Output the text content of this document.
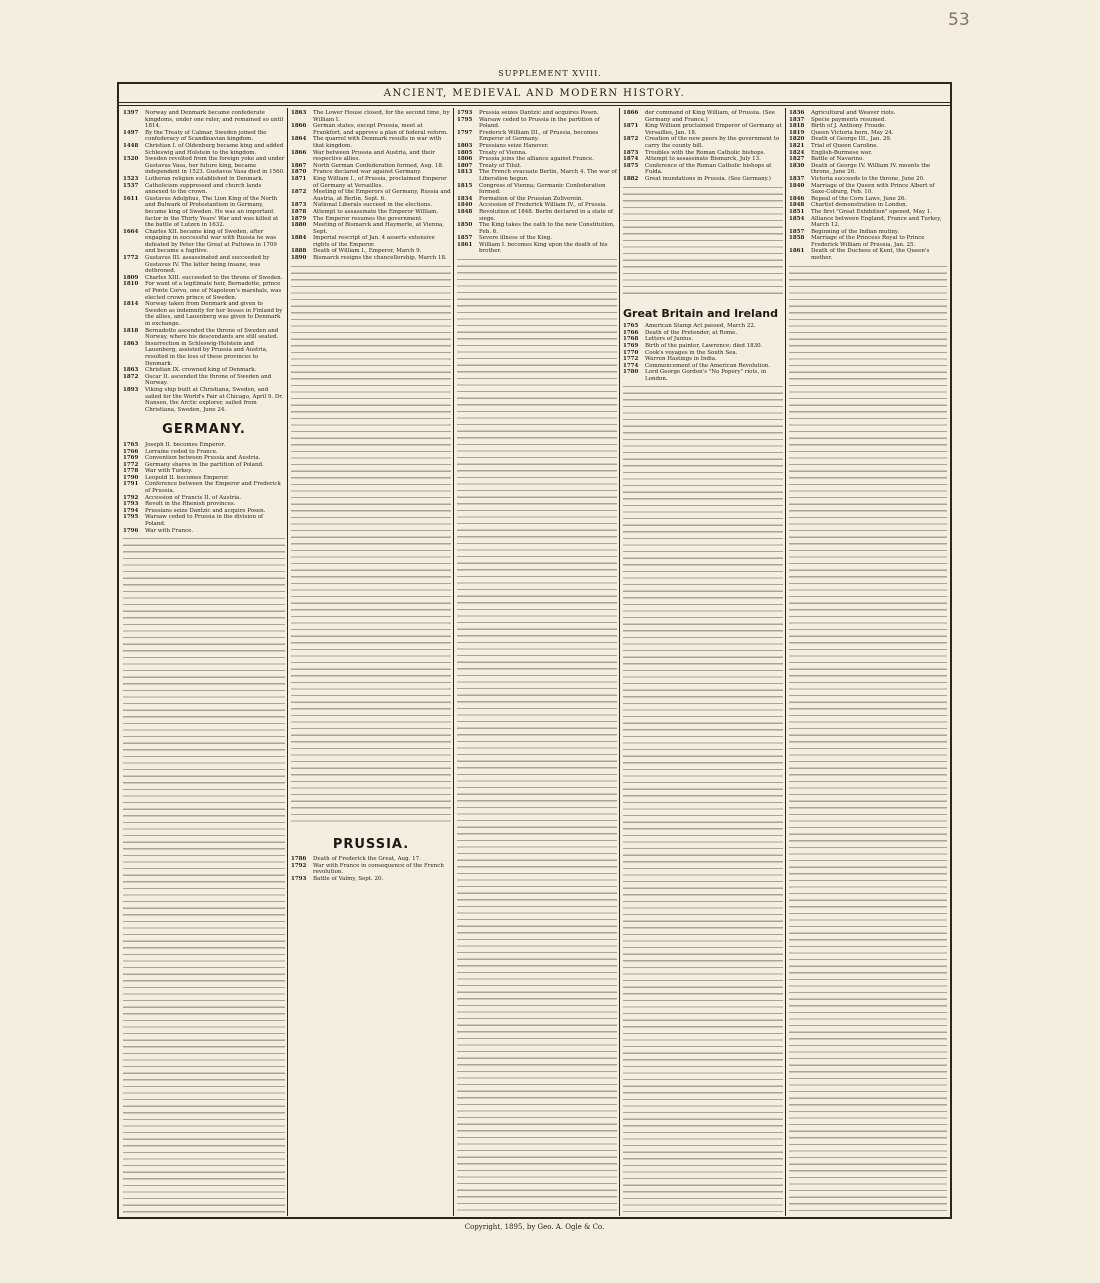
53
SUPPLEMENT XVIII.
ANCIENT, MEDIEVAL AND MODERN HISTORY.

1397 Norway and Denmark became confederate kingdoms, under one ruler, and remained so until 1814.

1497 By the Treaty of Calmar, Sweden joined the confederacy of Scandinavian kingdom.

1448 Christian I. of Oldenburg became king and added Schleswig and Holstein to the kingdom.

1520 Sweden revolted from the foreign yoke and under Gustavus Vasa, her future king, became independent in 1523. Gustavus Vasa died in 1560.

1523 Lutheran religion established in Denmark.

1537 Catholicism suppressed and church lands annexed to the crown.

1611 Gustavus Adolphus, The Lion King of the North and Bulwark of Protestantism in Germany, became king of Sweden. He was an important factor in the Thirty Years' War and was killed at the battle of Lutzen in 1632.

1664 Charles XII. became king of Sweden, after engaging in successful war with Russia he was defeated by Peter the Great at Pultowa in 1709 and became a fugitive.

1772 Gustavus III. assassinated and succeeded by Gustavus IV. The latter being insane, was dethroned.

1809 Charles XIII. succeeded to the throne of Sweden.

1810 For want of a legitimate heir, Bernadotte, prince of Ponte Corvo, one of Napoleon's marshals, was elected crown prince of Sweden.

1814 Norway taken from Denmark and given to Sweden as indemnity for her losses in Finland by the allies, and Lauenberg was given to Denmark in exchange.

1818 Bernadotte ascended the throne of Sweden and Norway, where his descendants are still seated.

1863 Insurrection in Schleswig-Holstein and Lauenberg, assisted by Prussia and Austria, resulted in the loss of these provinces to Denmark.

1863 Christian IX. crowned king of Denmark.

1872 Oscar II. ascended the throne of Sweden and Norway.

1893 Viking ship built at Christiana, Sweden, and sailed for the World's Fair at Chicago, April 9. Dr. Nansen, the Arctic explorer, sailed from Christiana, Sweden, June 24.

GERMANY.

1765 Joseph II. becomes Emperor.

1766 Lorraine ceded to France.

1769 Convention between Prussia and Austria.

1772 Germany shares in the partition of Poland.

1778 War with Turkey.

1790 Leopold II. becomes Emperor.

1791 Conference between the Emperor and Frederick of Prussia.

1792 Accession of Francis II. of Austria.

1793 Revolt in the Rhenish provinces.

1794 Prussians seize Dantzic and acquire Posen.

1795 Warsaw ceded to Prussia in the division of Poland.

1796 War with France.

1863 The Lower House closed, for the second time, by William I.

1866 German states, except Prussia, meet at Frankfort, and approve a plan of federal reform.

1864 The quarrel with Denmark results in war with that kingdom.

1866 War between Prussia and Austria, and their respective allies.

1867 North German Confederation formed, Aug. 18.

1870 France declared war against Germany.

1871 King William I., of Prussia, proclaimed Emperor of Germany at Versailles.

1872 Meeting of the Emperors of Germany, Russia and Austria, at Berlin, Sept. 6.

1873 National Liberals succeed in the elections.

1878 Attempt to assassinate the Emperor William.

1879 The Emperor resumes the government.

1880 Meeting of Bismarck and Haymerle, at Vienna, Sept.

1884 Imperial rescript of Jan. 4 asserts extensive rights of the Emperor.

1888 Death of William I., Emperor, March 9.

1890 Bismarck resigns the chancellorship, March 18.

PRUSSIA.

1786 Death of Frederick the Great, Aug. 17.

1792 War with France in consequence of the French revolution.

1793 Battle of Valmy, Sept. 20.

1793 Prussia seizes Dantzic and acquires Posen.

1795 Warsaw ceded to Prussia in the partition of Poland.

1797 Frederick William III., of Prussia, becomes Emperor of Germany.

1803 Prussians seize Hanover.

1805 Treaty of Vienna.

1806 Prussia joins the alliance against France.

1807 Treaty of Tilsit.

1813 The French evacuate Berlin, March 4. The war of Liberation begun.

1815 Congress of Vienna; Germanic Confederation formed.

1834 Formation of the Prussian Zollverein.

1840 Accession of Frederick William IV., of Prussia.

1848 Revolution of 1848. Berlin declared in a state of siege.

1850 The King takes the oath to the new Constitution, Feb. 6.

1857 Severe illness of the King.

1861 William I. becomes King upon the death of his brother.

1866 der command of King William, of Prussia. (See Germany and France.)

1871 King William proclaimed Emperor of Germany at Versailles, Jan. 18.

1872 Creation of the new peers by the government to carry the county bill.

1873 Troubles with the Roman Catholic bishops.

1874 Attempt to assassinate Bismarck, July 13.

1875 Conference of the Roman Catholic bishops at Fulda.

1882 Great inundations in Prussia. (See Germany.)

Great Britain and Ireland

1765 American Stamp Act passed, March 22.

1766 Death of the Pretender, at Rome.

1768 Letters of Junius.

1769 Birth of the painter, Lawrence; died 1830.

1770 Cook's voyages in the South Sea.

1772 Warren Hastings in India.

1774 Commencement of the American Revolution.

1780 Lord George Gordon's "No Popery" riots, in London.

1836 Agricultural and Weaver riots.

1837 Specie payments resumed.

1818 Birth of J. Anthony Froude.

1819 Queen Victoria born, May 24.

1820 Death of George III., Jan. 29.

1821 Trial of Queen Caroline.

1824 English-Burmese war.

1827 Battle of Navarino.

1830 Death of George IV. William IV. mounts the throne, June 26.

1837 Victoria succeeds to the throne, June 20.

1840 Marriage of the Queen with Prince Albert of Saxe-Coburg, Feb. 10.

1846 Repeal of the Corn Laws, June 26.

1848 Chartist demonstration in London.

1851 The first "Great Exhibition" opened, May 1.

1854 Alliance between England, France and Turkey, March 12.

1857 Beginning of the Indian mutiny.

1858 Marriage of the Princess Royal to Prince Frederick William of Prussia, Jan. 25.

1861 Death of the Duchess of Kent, the Queen's mother.

Copyright, 1895, by Geo. A. Ogle & Co.
